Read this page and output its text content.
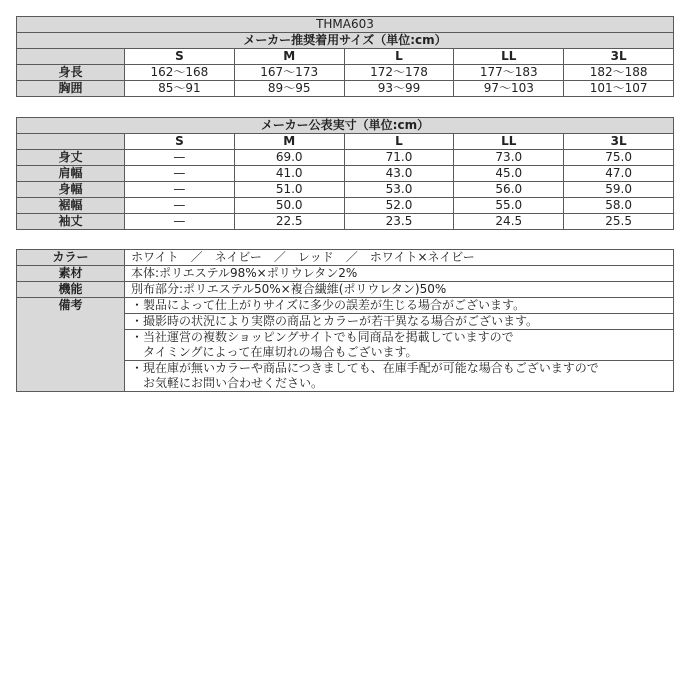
THMA603					
メーカー推奨着用サイズ（単位:cm）					
	S	M	L	LL	3L
身長	162～168	167～173	172～178	177～183	182～188
胸囲	85～91	89～95	93～99	97～103	101～107
メーカー公表実寸（単位:cm）					
	S	M	L	LL	3L
身丈	—	69.0	71.0	73.0	75.0
肩幅	—	41.0	43.0	45.0	47.0
身幅	—	51.0	53.0	56.0	59.0
裾幅	—	50.0	52.0	55.0	58.0
袖丈	—	22.5	23.5	24.5	25.5
カラー	ホワイト　／　ネイビー　／　レッド　／　ホワイト×ネイビー
素材	本体:ポリエステル98%×ポリウレタン2%
機能	別布部分:ポリエステル50%×複合繊維(ポリウレタン)50%
備考	・製品によって仕上がりサイズに多少の誤差が生じる場合がございます。

	・撮影時の状況により実際の商品とカラーが若干異なる場合がございます。

	・当社運営の複数ショッピングサイトでも同商品を掲載していますので
　タイミングによって在庫切れの場合もございます。

	・現在庫が無いカラーや商品につきましても、在庫手配が可能な場合もございますので
　お気軽にお問い合わせください。
